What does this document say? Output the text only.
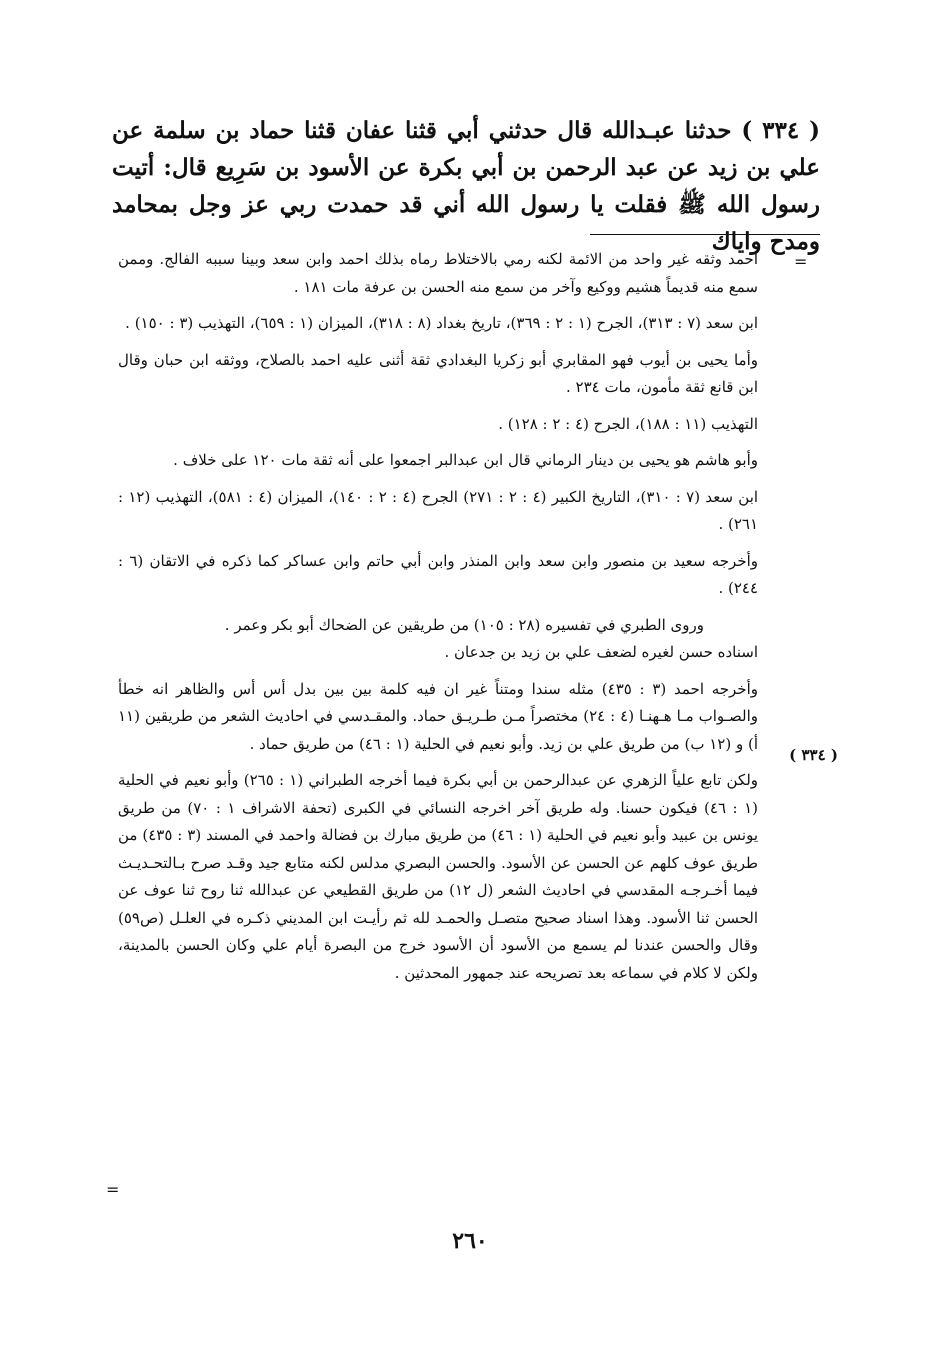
( ٣٣٤ ) حدثنا عبـدالله قال حدثني أبي قثنا عفان قثنا حماد بن سلمة عن علي بن زيد عن عبد الرحمن بن أبي بكرة عن الأسود بن سَرِيع قال: أتيت رسول الله ﷺ فقلت يا رسول الله أني قد حمدت ربي عز وجل بمحامد ومدح واياك

=

احمد وثقه غير واحد من الائمة لكنه رمي بالاختلاط رماه بذلك احمد وابن سعد وبينا سببه الفالج. وممن سمع منه قديماً هشيم ووكيع وآخر من سمع منه الحسن بن عرفة مات ١٨١ .

ابن سعد (٧ : ٣١٣)، الجرح (١ : ٢ : ٣٦٩)، تاريخ بغداد (٨ : ٣١٨)، الميزان (١ : ٦٥٩)، التهذيب (٣ : ١٥٠) .

وأما يحيى بن أيوب فهو المقابري أبو زكريا البغدادي ثقة أثنى عليه احمد بالصلاح، ووثقه ابن حبان وقال ابن قانع ثقة مأمون، مات ٢٣٤ .

التهذيب (١١ : ١٨٨)، الجرح (٤ : ٢ : ١٢٨) .

وأبو هاشم هو يحيى بن دينار الرماني قال ابن عبدالبر اجمعوا على أنه ثقة مات ١٢٠ على خلاف .

ابن سعد (٧ : ٣١٠)، التاريخ الكبير (٤ : ٢ : ٢٧١) الجرح (٤ : ٢ : ١٤٠)، الميزان (٤ : ٥٨١)، التهذيب (١٢ : ٢٦١) .

وأخرجه سعيد بن منصور وابن سعد وابن المنذر وابن أبي حاتم وابن عساكر كما ذكره في الاتقان (٦ : ٢٤٤) .

وروى الطبري في تفسيره (٢٨ : ١٠٥) من طريقين عن الضحاك أبو بكر وعمر .

اسناده حسن لغيره لضعف علي بن زيد بن جدعان .

وأخرجه احمد (٣ : ٤٣٥) مثله سندا ومتناً غير ان فيه كلمة بين بين بدل أس أس والظاهر انه خطأ والصـواب مـا هـهنـا (٤ : ٢٤) مختصراً مـن طـريـق حماد. والمقـدسي في احاديث الشعر من طريقين (١١ أ) و (١٢ ب) من طريق علي بن زيد. وأبو نعيم في الحلية (١ : ٤٦) من طريق حماد .

ولكن تابع علياً الزهري عن عبدالرحمن بن أبي بكرة فيما أخرجه الطبراني (١ : ٢٦٥) وأبو نعيم في الحلية (١ : ٤٦) فيكون حسنا. وله طريق آخر اخرجه النسائي في الكبرى (تحفة الاشراف ١ : ٧٠) من طريق يونس بن عبيد وأبو نعيم في الحلية (١ : ٤٦) من طريق مبارك بن فضالة واحمد في المسند (٣ : ٤٣٥) من طريق عوف كلهم عن الحسن عن الأسود. والحسن البصري مدلس لكنه متابع جيد وقـد صرح بـالتحـديـث فيما أخـرجـه المقدسي في احاديث الشعر (ل ١٢) من طريق القطيعي عن عبدالله ثنا روح ثنا عوف عن الحسن ثنا الأسود. وهذا اسناد صحيح متصـل والحمـد لله ثم رأيـت ابن المديني ذكـره في العلـل (ص٥٩) وقال والحسن عندنا لم يسمع من الأسود أن الأسود خرج من البصرة أيام علي وكان الحسن بالمدينة، ولكن لا كلام في سماعه بعد تصريحه عند جمهور المحدثين .

( ٣٣٤ )
=
٢٦٠
